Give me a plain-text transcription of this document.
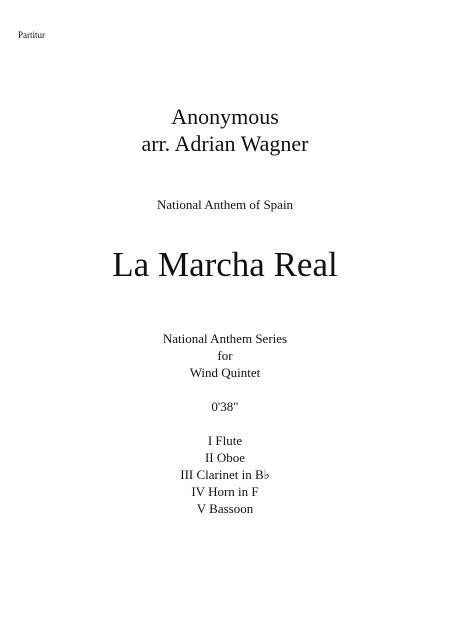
Partitur
Anonymous
arr. Adrian Wagner
National Anthem of Spain
La Marcha Real
National Anthem Series
for
Wind Quintet
0'38"
I Flute
II Oboe
III Clarinet in B♭
IV Horn in F
V Bassoon
